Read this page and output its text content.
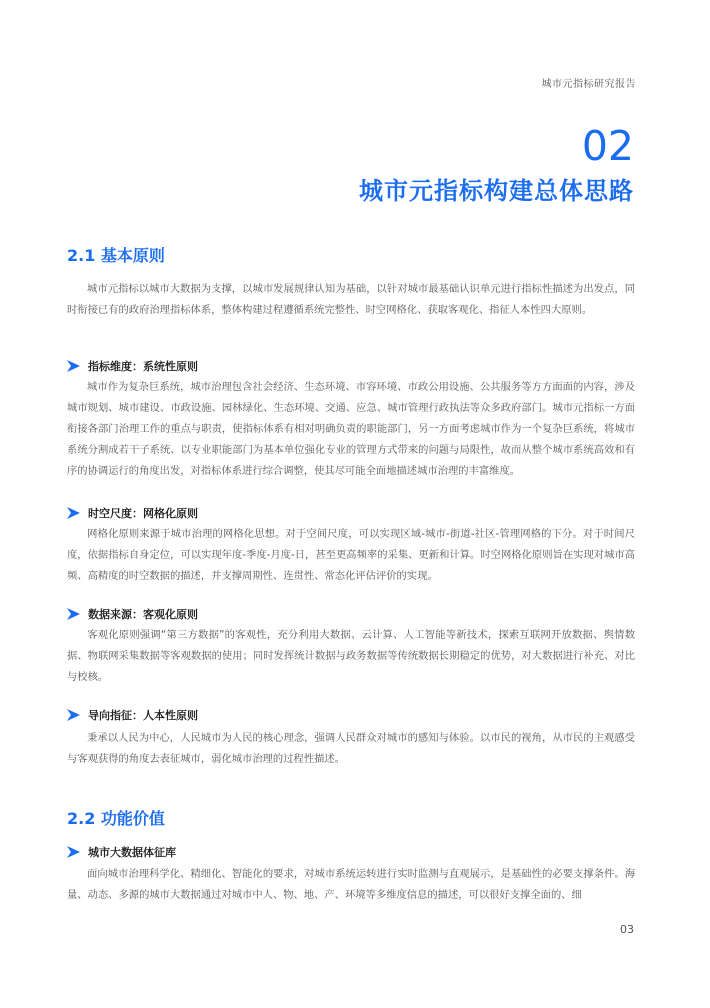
城市元指标研究报告
02
城市元指标构建总体思路
2.1 基本原则
城市元指标以城市大数据为支撑，以城市发展规律认知为基础，以针对城市最基础认识单元进行指标性描述为出发点，同时衔接已有的政府治理指标体系，整体构建过程遵循系统完整性、时空网格化、获取客观化、指征人本性四大原则。
指标维度：系统性原则
城市作为复杂巨系统，城市治理包含社会经济、生态环境、市容环境、市政公用设施、公共服务等方方面面的内容，涉及城市规划、城市建设、市政设施、园林绿化、生态环境、交通、应急、城市管理行政执法等众多政府部门。城市元指标一方面衔接各部门治理工作的重点与职责，使指标体系有相对明确负责的职能部门，另一方面考虑城市作为一个复杂巨系统，将城市系统分割成若干子系统、以专业职能部门为基本单位强化专业的管理方式带来的问题与局限性，故而从整个城市系统高效和有序的协调运行的角度出发，对指标体系进行综合调整，使其尽可能全面地描述城市治理的丰富维度。
时空尺度：网格化原则
网格化原则来源于城市治理的网格化思想。对于空间尺度，可以实现区域-城市-街道-社区-管理网格的下分。对于时间尺度，依据指标自身定位，可以实现年度-季度-月度-日，甚至更高频率的采集、更新和计算。时空网格化原则旨在实现对城市高频、高精度的时空数据的描述，并支撑周期性、连贯性、常态化评估评价的实现。
数据来源：客观化原则
客观化原则强调“第三方数据”的客观性，充分利用大数据、云计算、人工智能等新技术，探索互联网开放数据、舆情数据、物联网采集数据等客观数据的使用；同时发挥统计数据与政务数据等传统数据长期稳定的优势，对大数据进行补充、对比与校核。
导向指征：人本性原则
秉承以人民为中心，人民城市为人民的核心理念，强调人民群众对城市的感知与体验。以市民的视角，从市民的主观感受与客观获得的角度去表征城市，弱化城市治理的过程性描述。
2.2 功能价值
城市大数据体征库
面向城市治理科学化、精细化、智能化的要求，对城市系统运转进行实时监测与直观展示，是基础性的必要支撑条件。海量、动态、多源的城市大数据通过对城市中人、物、地、产、环境等多维度信息的描述，可以很好支撑全面的、细
03
